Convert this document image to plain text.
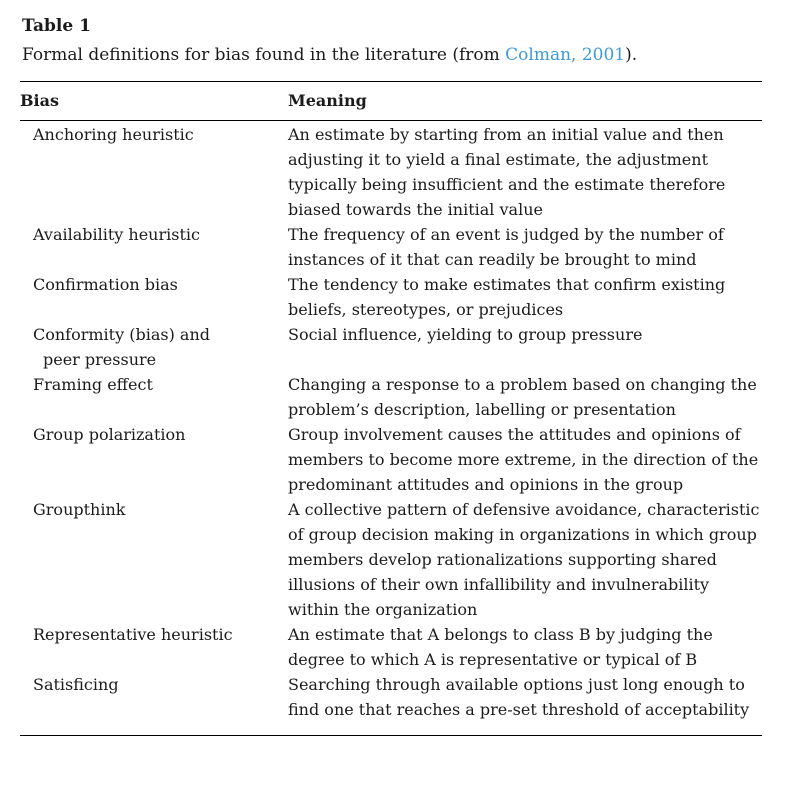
Table 1
Formal definitions for bias found in the literature (from Colman, 2001).
Bias	Meaning
Anchoring heuristic	An estimate by starting from an initial value and then adjusting it to yield a final estimate, the adjustment typically being insufficient and the estimate therefore biased towards the initial value
Availability heuristic	The frequency of an event is judged by the number of instances of it that can readily be brought to mind
Confirmation bias	The tendency to make estimates that confirm existing beliefs, stereotypes, or prejudices
Conformity (bias) and peer pressure	Social influence, yielding to group pressure
Framing effect	Changing a response to a problem based on changing the problem’s description, labelling or presentation
Group polarization	Group involvement causes the attitudes and opinions of members to become more extreme, in the direction of the predominant attitudes and opinions in the group
Groupthink	A collective pattern of defensive avoidance, characteristic of group decision making in organizations in which group members develop rationalizations supporting shared illusions of their own infallibility and invulnerability within the organization
Representative heuristic	An estimate that A belongs to class B by judging the degree to which A is representative or typical of B
Satisficing	Searching through available options just long enough to find one that reaches a pre-set threshold of acceptability
